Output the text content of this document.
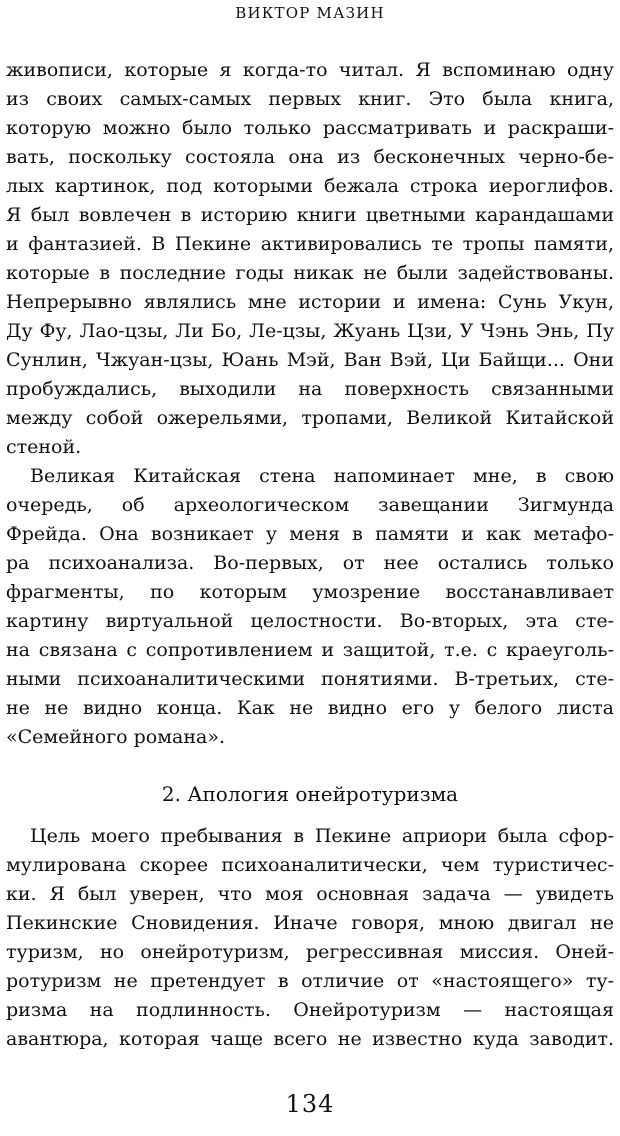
ВИКТОР МАЗИН
живописи, которые я когда-то читал. Я вспоминаю одну
из своих самых-самых первых книг. Это была книга,
которую можно было только рассматривать и раскраши-
вать, поскольку состояла она из бесконечных черно-бе-
лых картинок, под которыми бежала строка иероглифов.
Я был вовлечен в историю книги цветными карандашами
и фантазией. В Пекине активировались те тропы памяти,
которые в последние годы никак не были задействованы.
Непрерывно являлись мне истории и имена: Сунь Укун,
Ду Фу, Лао-цзы, Ли Бо, Ле-цзы, Жуань Цзи, У Чэнь Энь, Пу
Сунлин, Чжуан-цзы, Юань Мэй, Ван Вэй, Ци Байщи... Они
пробуждались, выходили на поверхность связанными
между собой ожерельями, тропами, Великой Китайской
стеной.
Великая Китайская стена напоминает мне, в свою
очередь, об археологическом завещании Зигмунда
Фрейда. Она возникает у меня в памяти и как метафо-
ра психоанализа. Во-первых, от нее остались только
фрагменты, по которым умозрение восстанавливает
картину виртуальной целостности. Во-вторых, эта сте-
на связана с сопротивлением и защитой, т.е. с краеуголь-
ными психоаналитическими понятиями. В-третьих, сте-
не не видно конца. Как не видно его у белого листа
«Семейного романа».
2. Апология онейротуризма
Цель моего пребывания в Пекине априори была сфор-
мулирована скорее психоаналитически, чем туристичес-
ки. Я был уверен, что моя основная задача — увидеть
Пекинские Сновидения. Иначе говоря, мною двигал не
туризм, но онейротуризм, регрессивная миссия. Оней-
ротуризм не претендует в отличие от «настоящего» ту-
ризма на подлинность. Онейротуризм — настоящая
авантюра, которая чаще всего не известно куда заводит.
134
